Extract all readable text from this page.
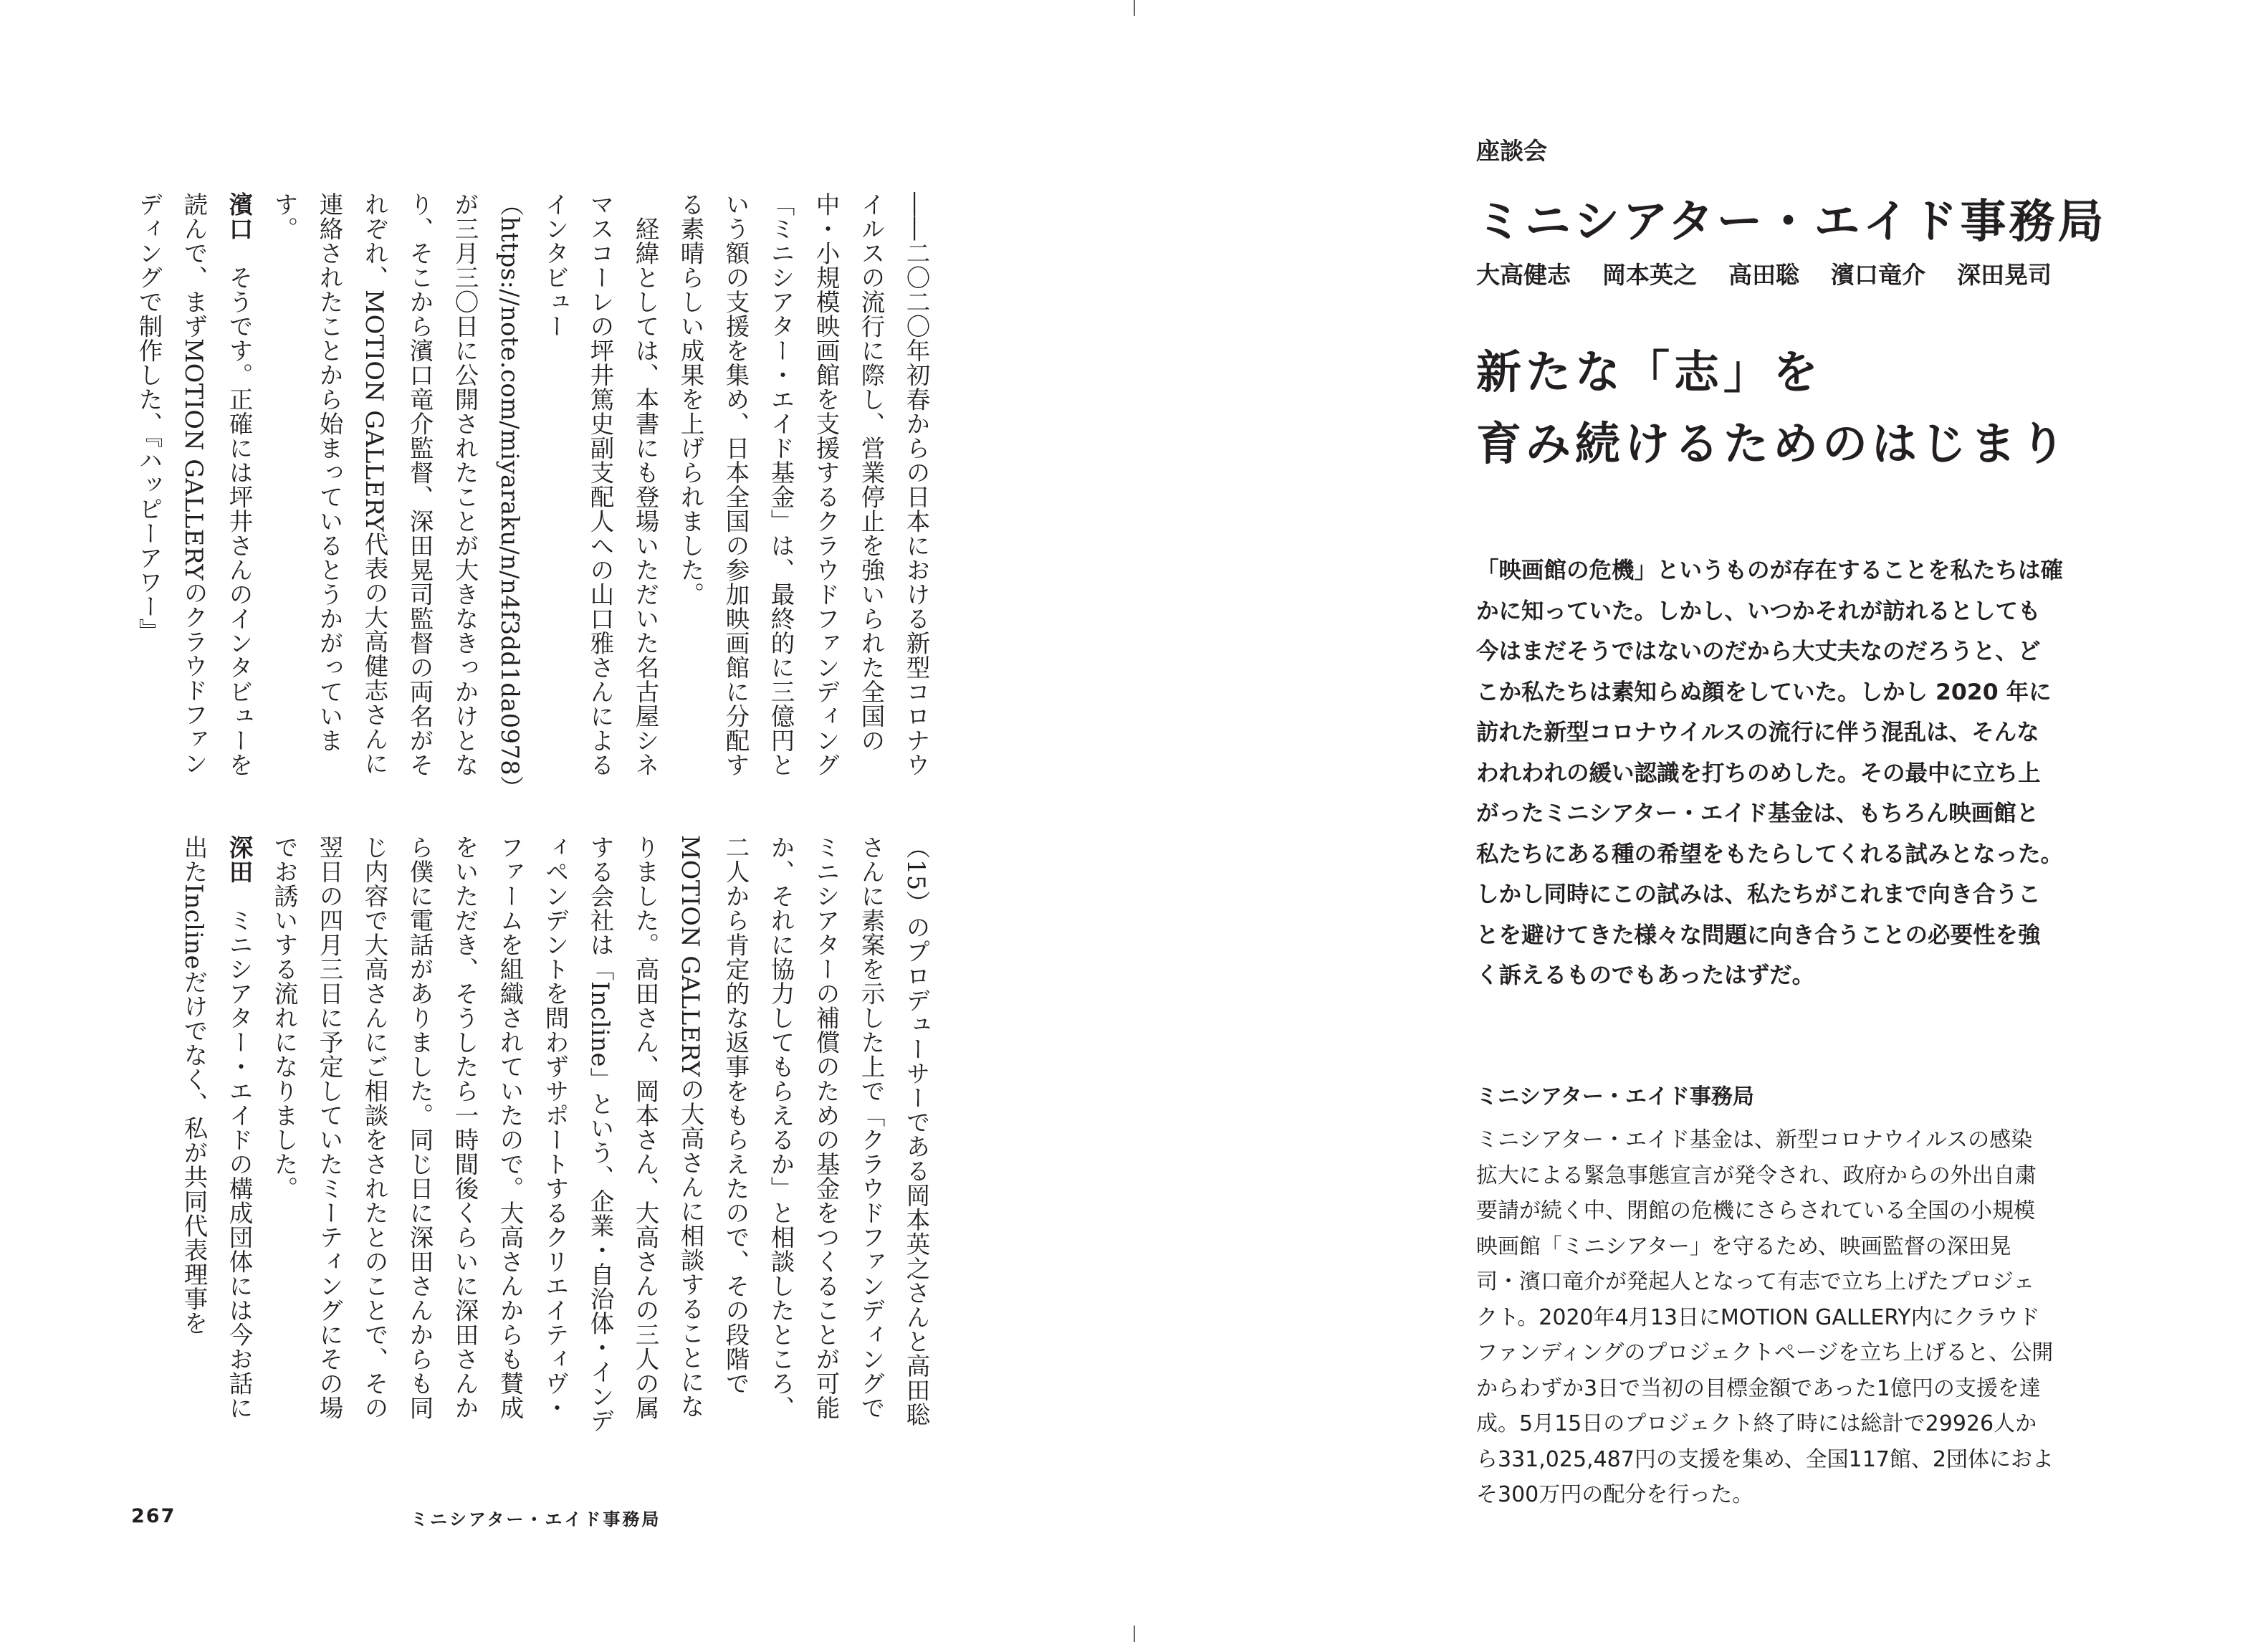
――二〇二〇年初春からの日本における新型コロナウイルスの流行に際し、営業停止を強いられた全国の中・小規模映画館を支援するクラウドファンディング「ミニシアター・エイド基金」は、最終的に三億円という額の支援を集め、日本全国の参加映画館に分配する素晴らしい成果を上げられました。

経緯としては、本書にも登場いただいた名古屋シネマスコーレの坪井篤史副支配人への山口雅さんによるインタビュー（https://note.com/miyaraku/n/n4f3dd1da0978）が三月三〇日に公開されたことが大きなきっかけとなり、そこから濱口竜介監督、深田晃司監督の両名がそれぞれ、MOTION GALLERY代表の大高健志さんに連絡されたことから始まっているとうかがっています。

濱口　そうです。正確には坪井さんのインタビューを読んで、まずMOTION GALLERYのクラウドファンディングで制作した、『ハッピーアワー』

（15）のプロデューサーである岡本英之さんと高田聡さんに素案を示した上で「クラウドファンディングでミニシアターの補償のための基金をつくることが可能か、それに協力してもらえるか」と相談したところ、二人から肯定的な返事をもらえたので、その段階でMOTION GALLERYの大高さんに相談することになりました。高田さん、岡本さん、大高さんの三人の属する会社は「Incline」という、企業・自治体・インディペンデントを問わずサポートするクリエイティヴ・ファームを組織されていたので。大高さんからも賛成をいただき、そうしたら一時間後くらいに深田さんから僕に電話がありました。同じ日に深田さんからも同じ内容で大高さんにご相談をされたとのことで、その翌日の四月三日に予定していたミーティングにその場でお誘いする流れになりました。

深田　ミニシアター・エイドの構成団体には今お話に出たInclineだけでなく、私が共同代表理事を

267	ミニシアター・エイド事務局
座談会
ミニシアター・エイド事務局
大高健志 岡本英之 高田聡 濱口竜介 深田晃司
新たな「志」を
育み続けるためのはじまり

「映画館の危機」というものが存在することを私たちは確

かに知っていた。しかし、いつかそれが訪れるとしても

今はまだそうではないのだから大丈夫なのだろうと、ど

こか私たちは素知らぬ顔をしていた。しかし 2020 年に

訪れた新型コロナウイルスの流行に伴う混乱は、そんな

われわれの緩い認識を打ちのめした。その最中に立ち上

がったミニシアター・エイド基金は、もちろん映画館と

私たちにある種の希望をもたらしてくれる試みとなった。

しかし同時にこの試みは、私たちがこれまで向き合うこ

とを避けてきた様々な問題に向き合うことの必要性を強

く訴えるものでもあったはずだ。

ミニシアター・エイド事務局

ミニシアター・エイド基金は、新型コロナウイルスの感染

拡大による緊急事態宣言が発令され、政府からの外出自粛

要請が続く中、閉館の危機にさらされている全国の小規模

映画館「ミニシアター」を守るため、映画監督の深田晃

司・濱口竜介が発起人となって有志で立ち上げたプロジェ

クト。2020年4月13日にMOTION GALLERY内にクラウド

ファンディングのプロジェクトページを立ち上げると、公開

からわずか3日で当初の目標金額であった1億円の支援を達

成。5月15日のプロジェクト終了時には総計で29926人か

ら331,025,487円の支援を集め、全国117館、2団体におよ

そ300万円の配分を行った。
